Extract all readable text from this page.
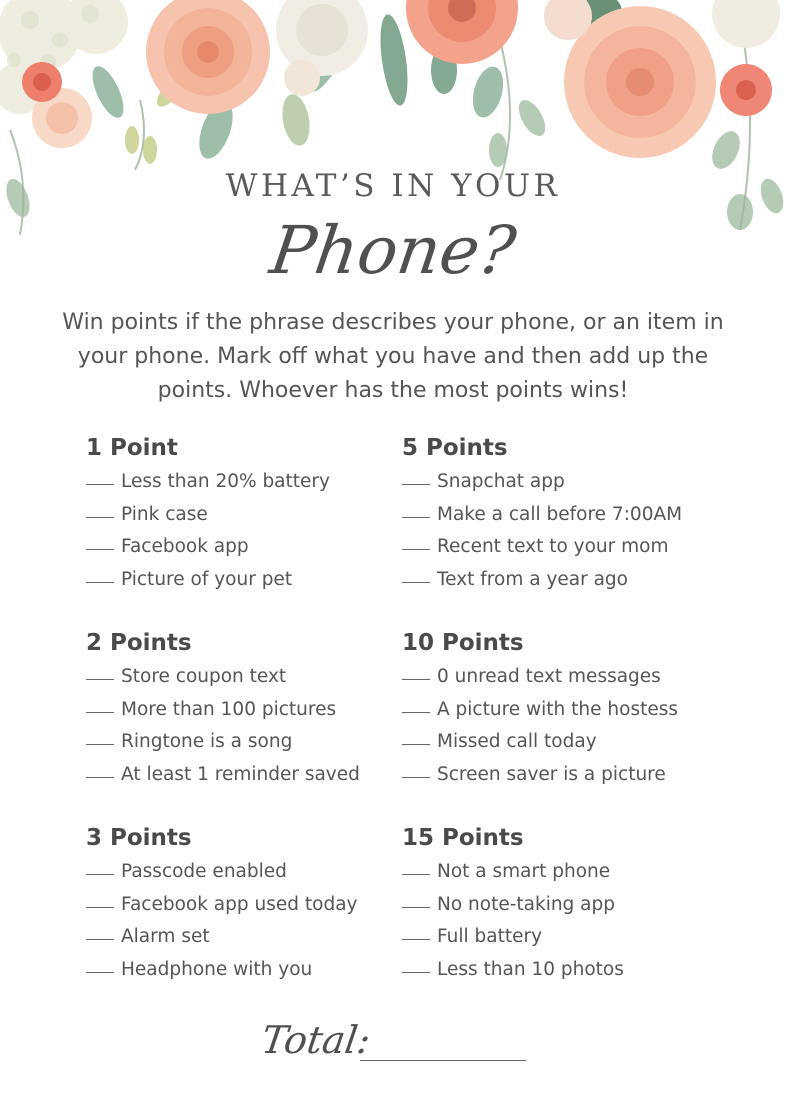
WHAT’S IN YOUR
Phone?

Win points if the phrase describes your phone, or an item in your phone. Mark off what you have and then add up the points. Whoever has the most points wins!

1 Point
Less than 20% battery
Pink case
Facebook app
Picture of your pet
2 Points
Store coupon text
More than 100 pictures
Ringtone is a song
At least 1 reminder saved
3 Points
Passcode enabled
Facebook app used today
Alarm set
Headphone with you
5 Points
Snapchat app
Make a call before 7:00AM
Recent text to your mom
Text from a year ago
10 Points
0 unread text messages
A picture with the hostess
Missed call today
Screen saver is a picture
15 Points
Not a smart phone
No note-taking app
Full battery
Less than 10 photos
Total:
